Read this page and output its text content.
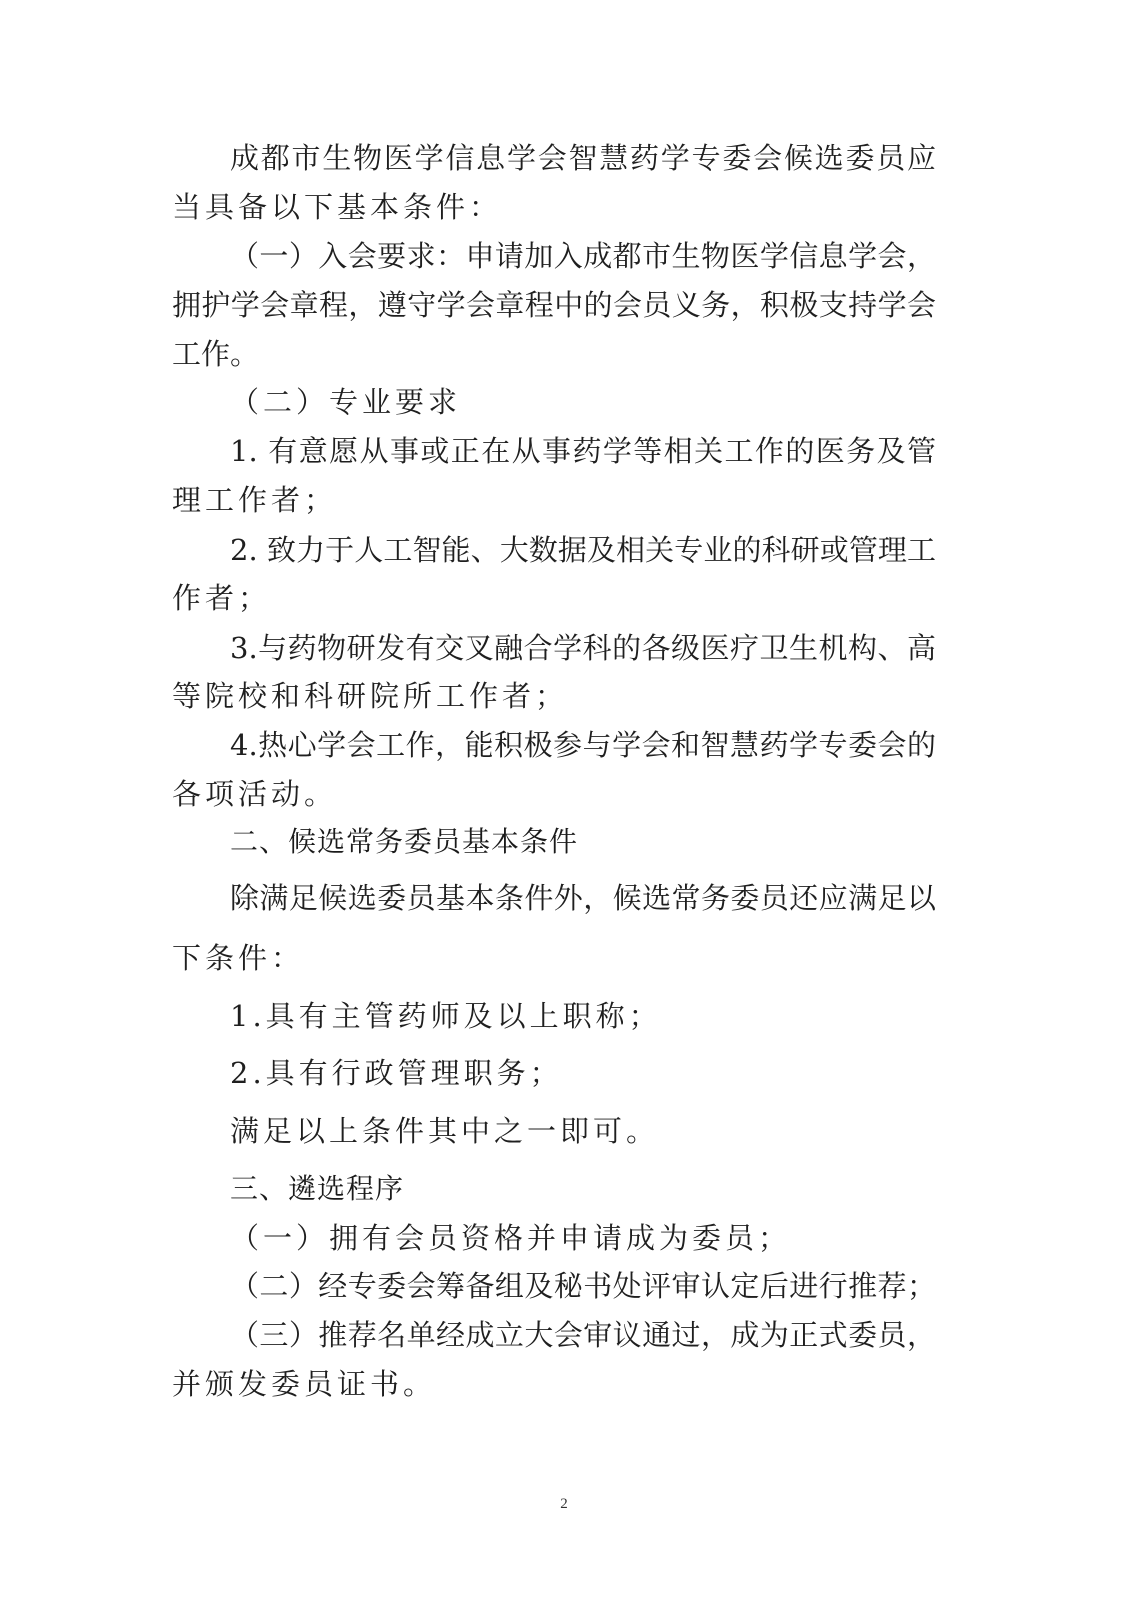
成都市生物医学信息学会智慧药学专委会候选委员应

当具备以下基本条件：

（一）入会要求：申请加入成都市生物医学信息学会，

拥护学会章程，遵守学会章程中的会员义务，积极支持学会

工作。

（二）专业要求

1. 有意愿从事或正在从事药学等相关工作的医务及管

理工作者；

2. 致力于人工智能、大数据及相关专业的科研或管理工

作者；

3.与药物研发有交叉融合学科的各级医疗卫生机构、高

等院校和科研院所工作者；

4.热心学会工作，能积极参与学会和智慧药学专委会的

各项活动。

二、候选常务委员基本条件

除满足候选委员基本条件外，候选常务委员还应满足以

下条件：

1.具有主管药师及以上职称；

2.具有行政管理职务；

满足以上条件其中之一即可。

三、遴选程序

（一）拥有会员资格并申请成为委员；

（二）经专委会筹备组及秘书处评审认定后进行推荐；

（三）推荐名单经成立大会审议通过，成为正式委员，

并颁发委员证书。

2
